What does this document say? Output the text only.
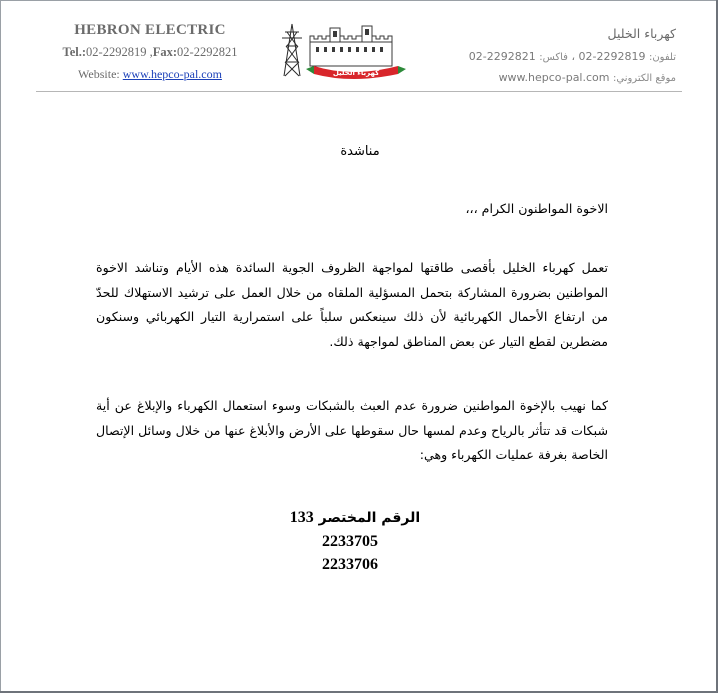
HEBRON ELECTRIC
Tel.:02-2292819 ,Fax:02-2292821
Website: www.hepco-pal.com	كهرباء الخليل
كهرباء الخليل
تلفون: 02-2292819 ، فاكس: 02-2292821
موقع الكتروني: www.hepco-pal.com
مناشدة
الاخوة المواطنون الكرام ،،،
تعمل كهرباء الخليل بأقصى طاقتها لمواجهة الظروف الجوية السائدة هذه الأيام وتناشد الاخوة المواطنين بضرورة المشاركة بتحمل المسؤلية الملقاه من خلال العمل على ترشيد الاستهلاك للحدّ من ارتفاع الأحمال الكهربائية لأن ذلك سينعكس سلباً على استمرارية التيار الكهربائي وسنكون مضطرين لقطع التيار عن بعض المناطق لمواجهة ذلك.
كما نهيب بالإخوة المواطنين ضرورة عدم العبث بالشبكات وسوء استعمال الكهرباء والإبلاغ عن أية شبكات قد تتأثر بالرياح وعدم لمسها حال سقوطها على الأرض والأبلاغ عنها من خلال وسائل الإتصال الخاصة بغرفة عمليات الكهرباء وهي:
الرقم المختصر 133
2233705
2233706
